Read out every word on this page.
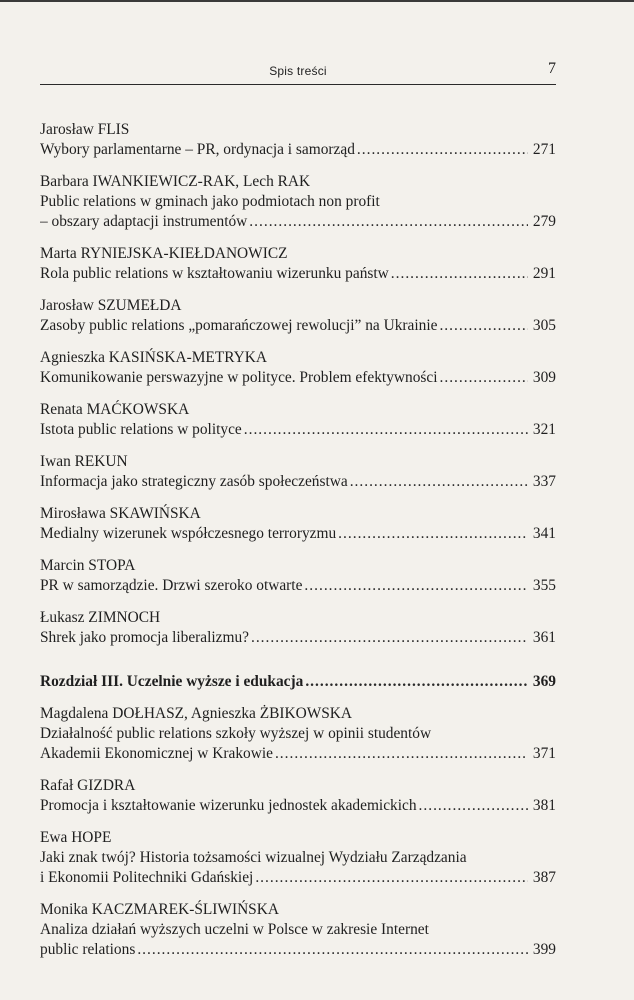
Spis treści	7
Jarosław FLIS
Wybory parlamentarne – PR, ordynacja i samorząd .....	271
Barbara IWANKIEWICZ-RAK, Lech RAK
Public relations w gminach jako podmiotach non profit
– obszary adaptacji instrumentów .....	279
Marta RYNIEJSKA-KIEŁDANOWICZ
Rola public relations w kształtowaniu wizerunku państw .....	291
Jarosław SZUMEŁDA
Zasoby public relations „pomarańczowej rewolucji” na Ukrainie .....	305
Agnieszka KASIŃSKA-METRYKA
Komunikowanie perswazyjne w polityce. Problem efektywności .....	309
Renata MAĆKOWSKA
Istota public relations w polityce .....	321
Iwan REKUN
Informacja jako strategiczny zasób społeczeństwa .....	337
Mirosława SKAWIŃSKA
Medialny wizerunek współczesnego terroryzmu .....	341
Marcin STOPA
PR w samorządzie. Drzwi szeroko otwarte .....	355
Łukasz ZIMNOCH
Shrek jako promocja liberalizmu? .....	361
Rozdział III. Uczelnie wyższe i edukacja .....	369
Magdalena DOŁHASZ, Agnieszka ŻBIKOWSKA
Działalność public relations szkoły wyższej w opinii studentów
Akademii Ekonomicznej w Krakowie .....	371
Rafał GIZDRA
Promocja i kształtowanie wizerunku jednostek akademickich .....	381
Ewa HOPE
Jaki znak twój? Historia tożsamości wizualnej Wydziału Zarządzania
i Ekonomii Politechniki Gdańskiej .....	387
Monika KACZMAREK-ŚLIWIŃSKA
Analiza działań wyższych uczelni w Polsce w zakresie Internet
public relations .....	399
